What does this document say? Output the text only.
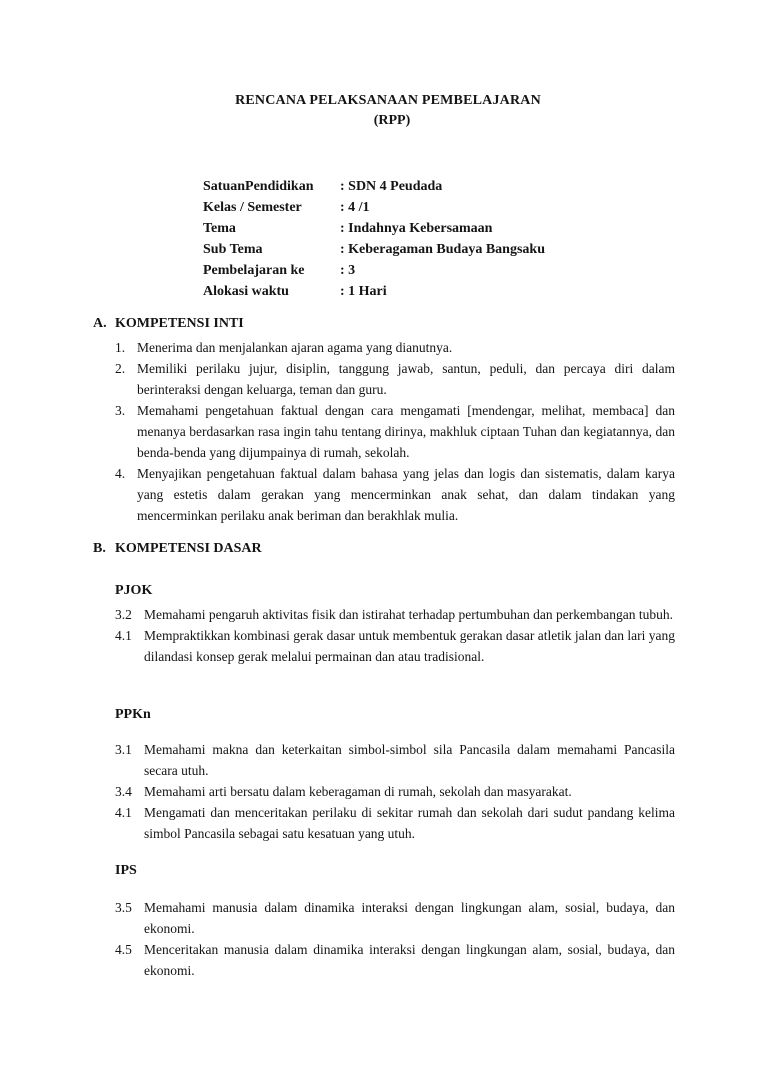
RENCANA PELAKSANAAN PEMBELAJARAN
(RPP)
SatuanPendidikan	: SDN 4 Peudada
Kelas / Semester	: 4 /1
Tema	: Indahnya Kebersamaan
Sub Tema	: Keberagaman Budaya Bangsaku
Pembelajaran ke	: 3
Alokasi waktu	: 1 Hari
A. KOMPETENSI INTI
1. Menerima dan menjalankan ajaran agama yang dianutnya.
2. Memiliki perilaku jujur, disiplin, tanggung jawab, santun, peduli, dan percaya diri dalam berinteraksi dengan keluarga, teman dan guru.
3. Memahami pengetahuan faktual dengan cara mengamati [mendengar, melihat, membaca] dan menanya berdasarkan rasa ingin tahu tentang dirinya, makhluk ciptaan Tuhan dan kegiatannya, dan benda-benda yang dijumpainya di rumah, sekolah.
4. Menyajikan pengetahuan faktual dalam bahasa yang jelas dan logis dan sistematis, dalam karya yang estetis dalam gerakan yang mencerminkan anak sehat, dan dalam tindakan yang mencerminkan perilaku anak beriman dan berakhlak mulia.
B. KOMPETENSI DASAR
PJOK
3.2 Memahami pengaruh aktivitas fisik dan istirahat terhadap pertumbuhan dan perkembangan tubuh.
4.1 Mempraktikkan kombinasi gerak dasar untuk membentuk gerakan dasar atletik jalan dan lari yang dilandasi konsep gerak melalui permainan dan atau tradisional.
PPKn
3.1 Memahami makna dan keterkaitan simbol-simbol sila Pancasila dalam memahami Pancasila secara utuh.
3.4 Memahami arti bersatu dalam keberagaman di rumah, sekolah dan masyarakat.
4.1 Mengamati dan menceritakan perilaku di sekitar rumah dan sekolah dari sudut pandang kelima simbol Pancasila sebagai satu kesatuan yang utuh.
IPS
3.5 Memahami manusia dalam dinamika interaksi dengan lingkungan alam, sosial, budaya, dan ekonomi.
4.5 Menceritakan manusia dalam dinamika interaksi dengan lingkungan alam, sosial, budaya, dan ekonomi.
